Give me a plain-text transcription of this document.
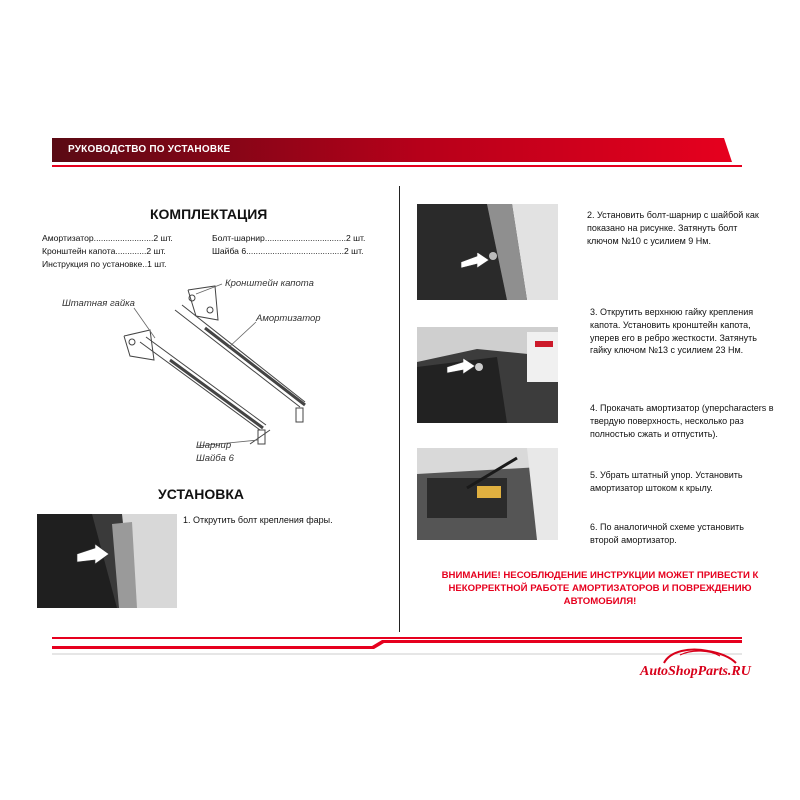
РУКОВОДСТВО ПО УСТАНОВКЕ
КОМПЛЕКТАЦИЯ
Амортизатор.........................2 шт.
Кронштейн капота.............2 шт.
Инструкция по установке..1 шт.
Болт-шарнир..................................2 шт.
Шайба 6.........................................2 шт.
Штатная гайка
Кронштейн капота
Амортизатор
Шарнир
Шайба 6
УСТАНОВКА
1. Открутить болт крепления фары.
2. Установить болт-шарнир с шайбой как показано на рисунке. Затянуть болт ключом №10 с усилием 9 Нм.
3. Открутить верхнюю гайку крепления капота. Установить кронштейн капота, уперев его в ребро жесткости. Затянуть гайку ключом №13 с усилием 23 Нм.
4. Прокачать амортизатор (уперcharacters в твердую поверхность, несколько раз полностью сжать и отпустить).
5. Убрать штатный упор. Установить амортизатор штоком к крылу.
6. По аналогичной схеме установить второй амортизатор.
ВНИМАНИЕ! НЕСОБЛЮДЕНИЕ ИНСТРУКЦИИ МОЖЕТ ПРИВЕСТИ К НЕКОРРЕКТНОЙ РАБОТЕ АМОРТИЗАТОРОВ И ПОВРЕЖДЕНИЮ АВТОМОБИЛЯ!
AutoShopParts.RU
